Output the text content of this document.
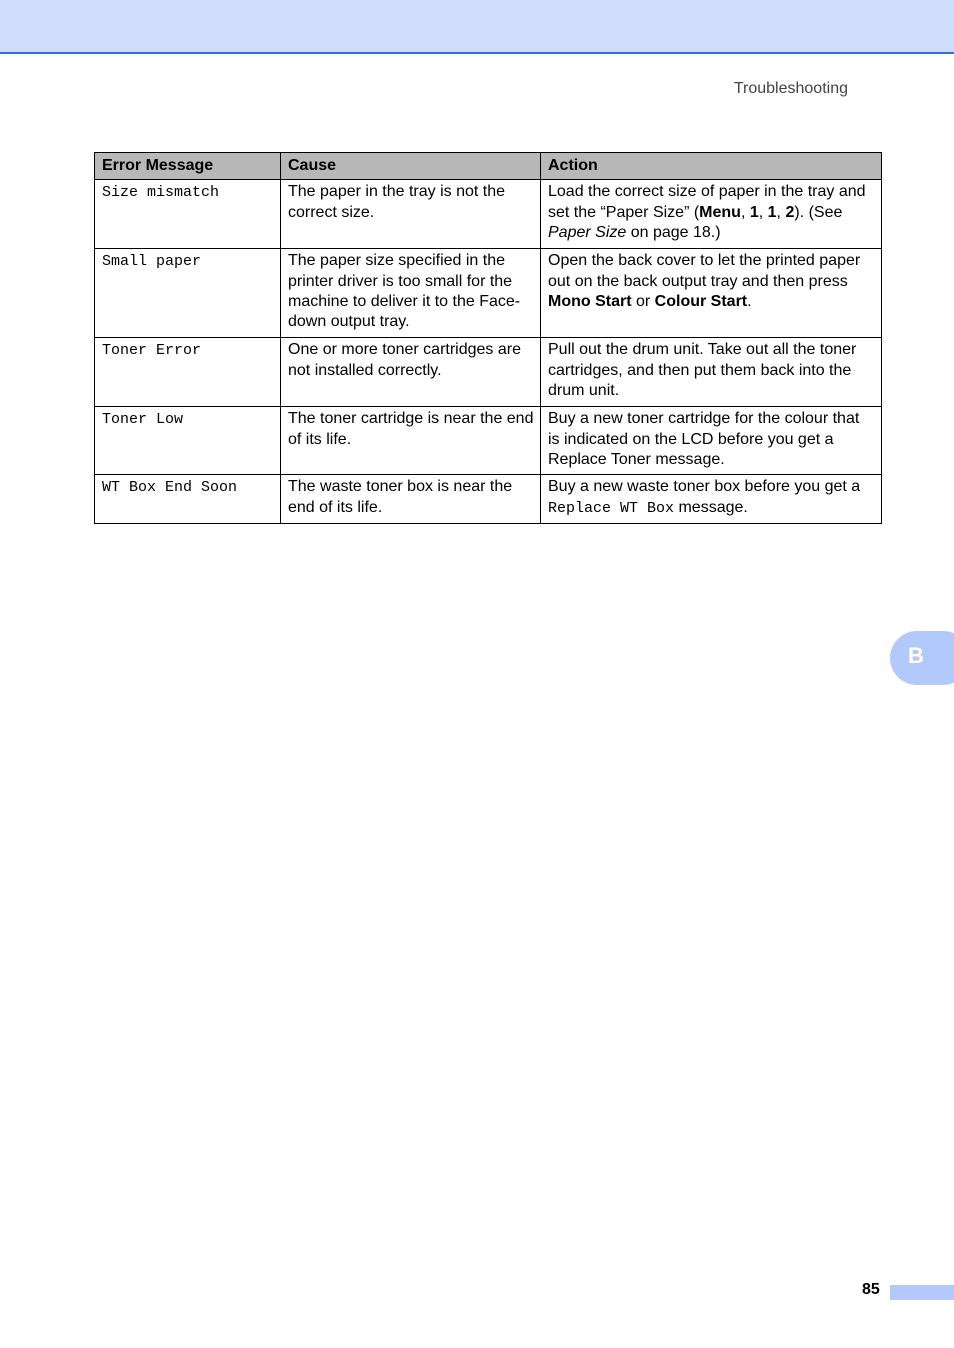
Troubleshooting
Error Message	Cause	Action
Size mismatch	The paper in the tray is not the correct size.	Load the correct size of paper in the tray and set the “Paper Size” (Menu, 1, 1, 2). (See Paper Size on page 18.)
Small paper	The paper size specified in the printer driver is too small for the machine to deliver it to the Face-down output tray.	Open the back cover to let the printed paper out on the back output tray and then press Mono Start or Colour Start.
Toner Error	One or more toner cartridges are not installed correctly.	Pull out the drum unit. Take out all the toner cartridges, and then put them back into the drum unit.
Toner Low	The toner cartridge is near the end of its life.	Buy a new toner cartridge for the colour that is indicated on the LCD before you get a Replace Toner message.
WT Box End Soon	The waste toner box is near the end of its life.	Buy a new waste toner box before you get a Replace WT Box message.
B
85
